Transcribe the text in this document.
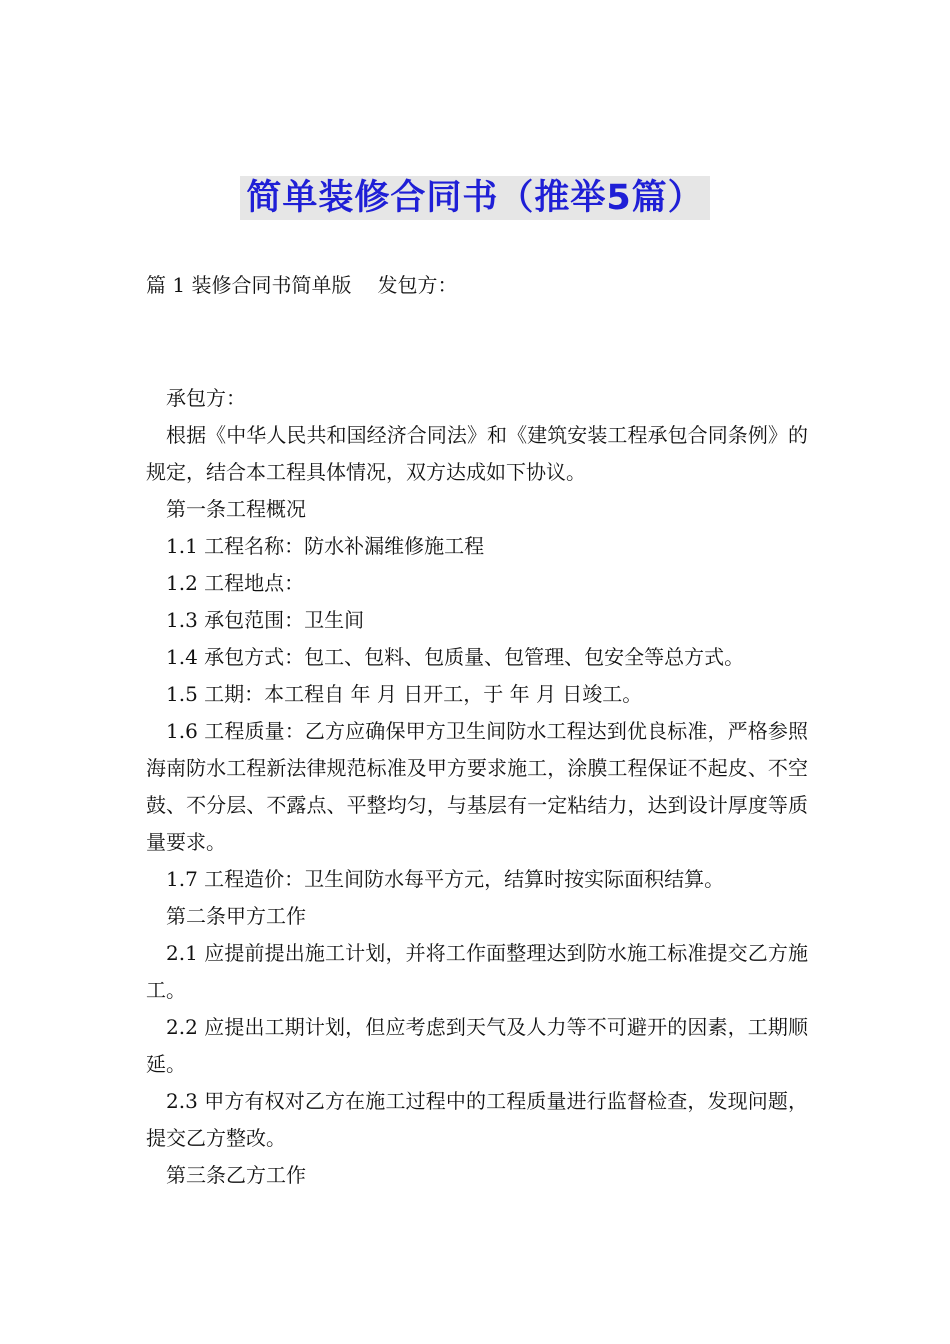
简单装修合同书（推举5篇）
篇 1 装修合同书简单版 发包方：

承包方：

根据《中华人民共和国经济合同法》和《建筑安装工程承包合同条例》的规定，结合本工程具体情况，双方达成如下协议。

第一条工程概况

1.1 工程名称：防水补漏维修施工程

1.2 工程地点：

1.3 承包范围：卫生间

1.4 承包方式：包工、包料、包质量、包管理、包安全等总方式。

1.5 工期：本工程自 年 月 日开工，于 年 月 日竣工。

1.6 工程质量：乙方应确保甲方卫生间防水工程达到优良标准，严格参照海南防水工程新法律规范标准及甲方要求施工，涂膜工程保证不起皮、不空鼓、不分层、不露点、平整均匀，与基层有一定粘结力，达到设计厚度等质量要求。

1.7 工程造价：卫生间防水每平方元，结算时按实际面积结算。

第二条甲方工作

2.1 应提前提出施工计划，并将工作面整理达到防水施工标准提交乙方施工。

2.2 应提出工期计划，但应考虑到天气及人力等不可避开的因素，工期顺延。

2.3 甲方有权对乙方在施工过程中的工程质量进行监督检查，发现问题，提交乙方整改。

第三条乙方工作
